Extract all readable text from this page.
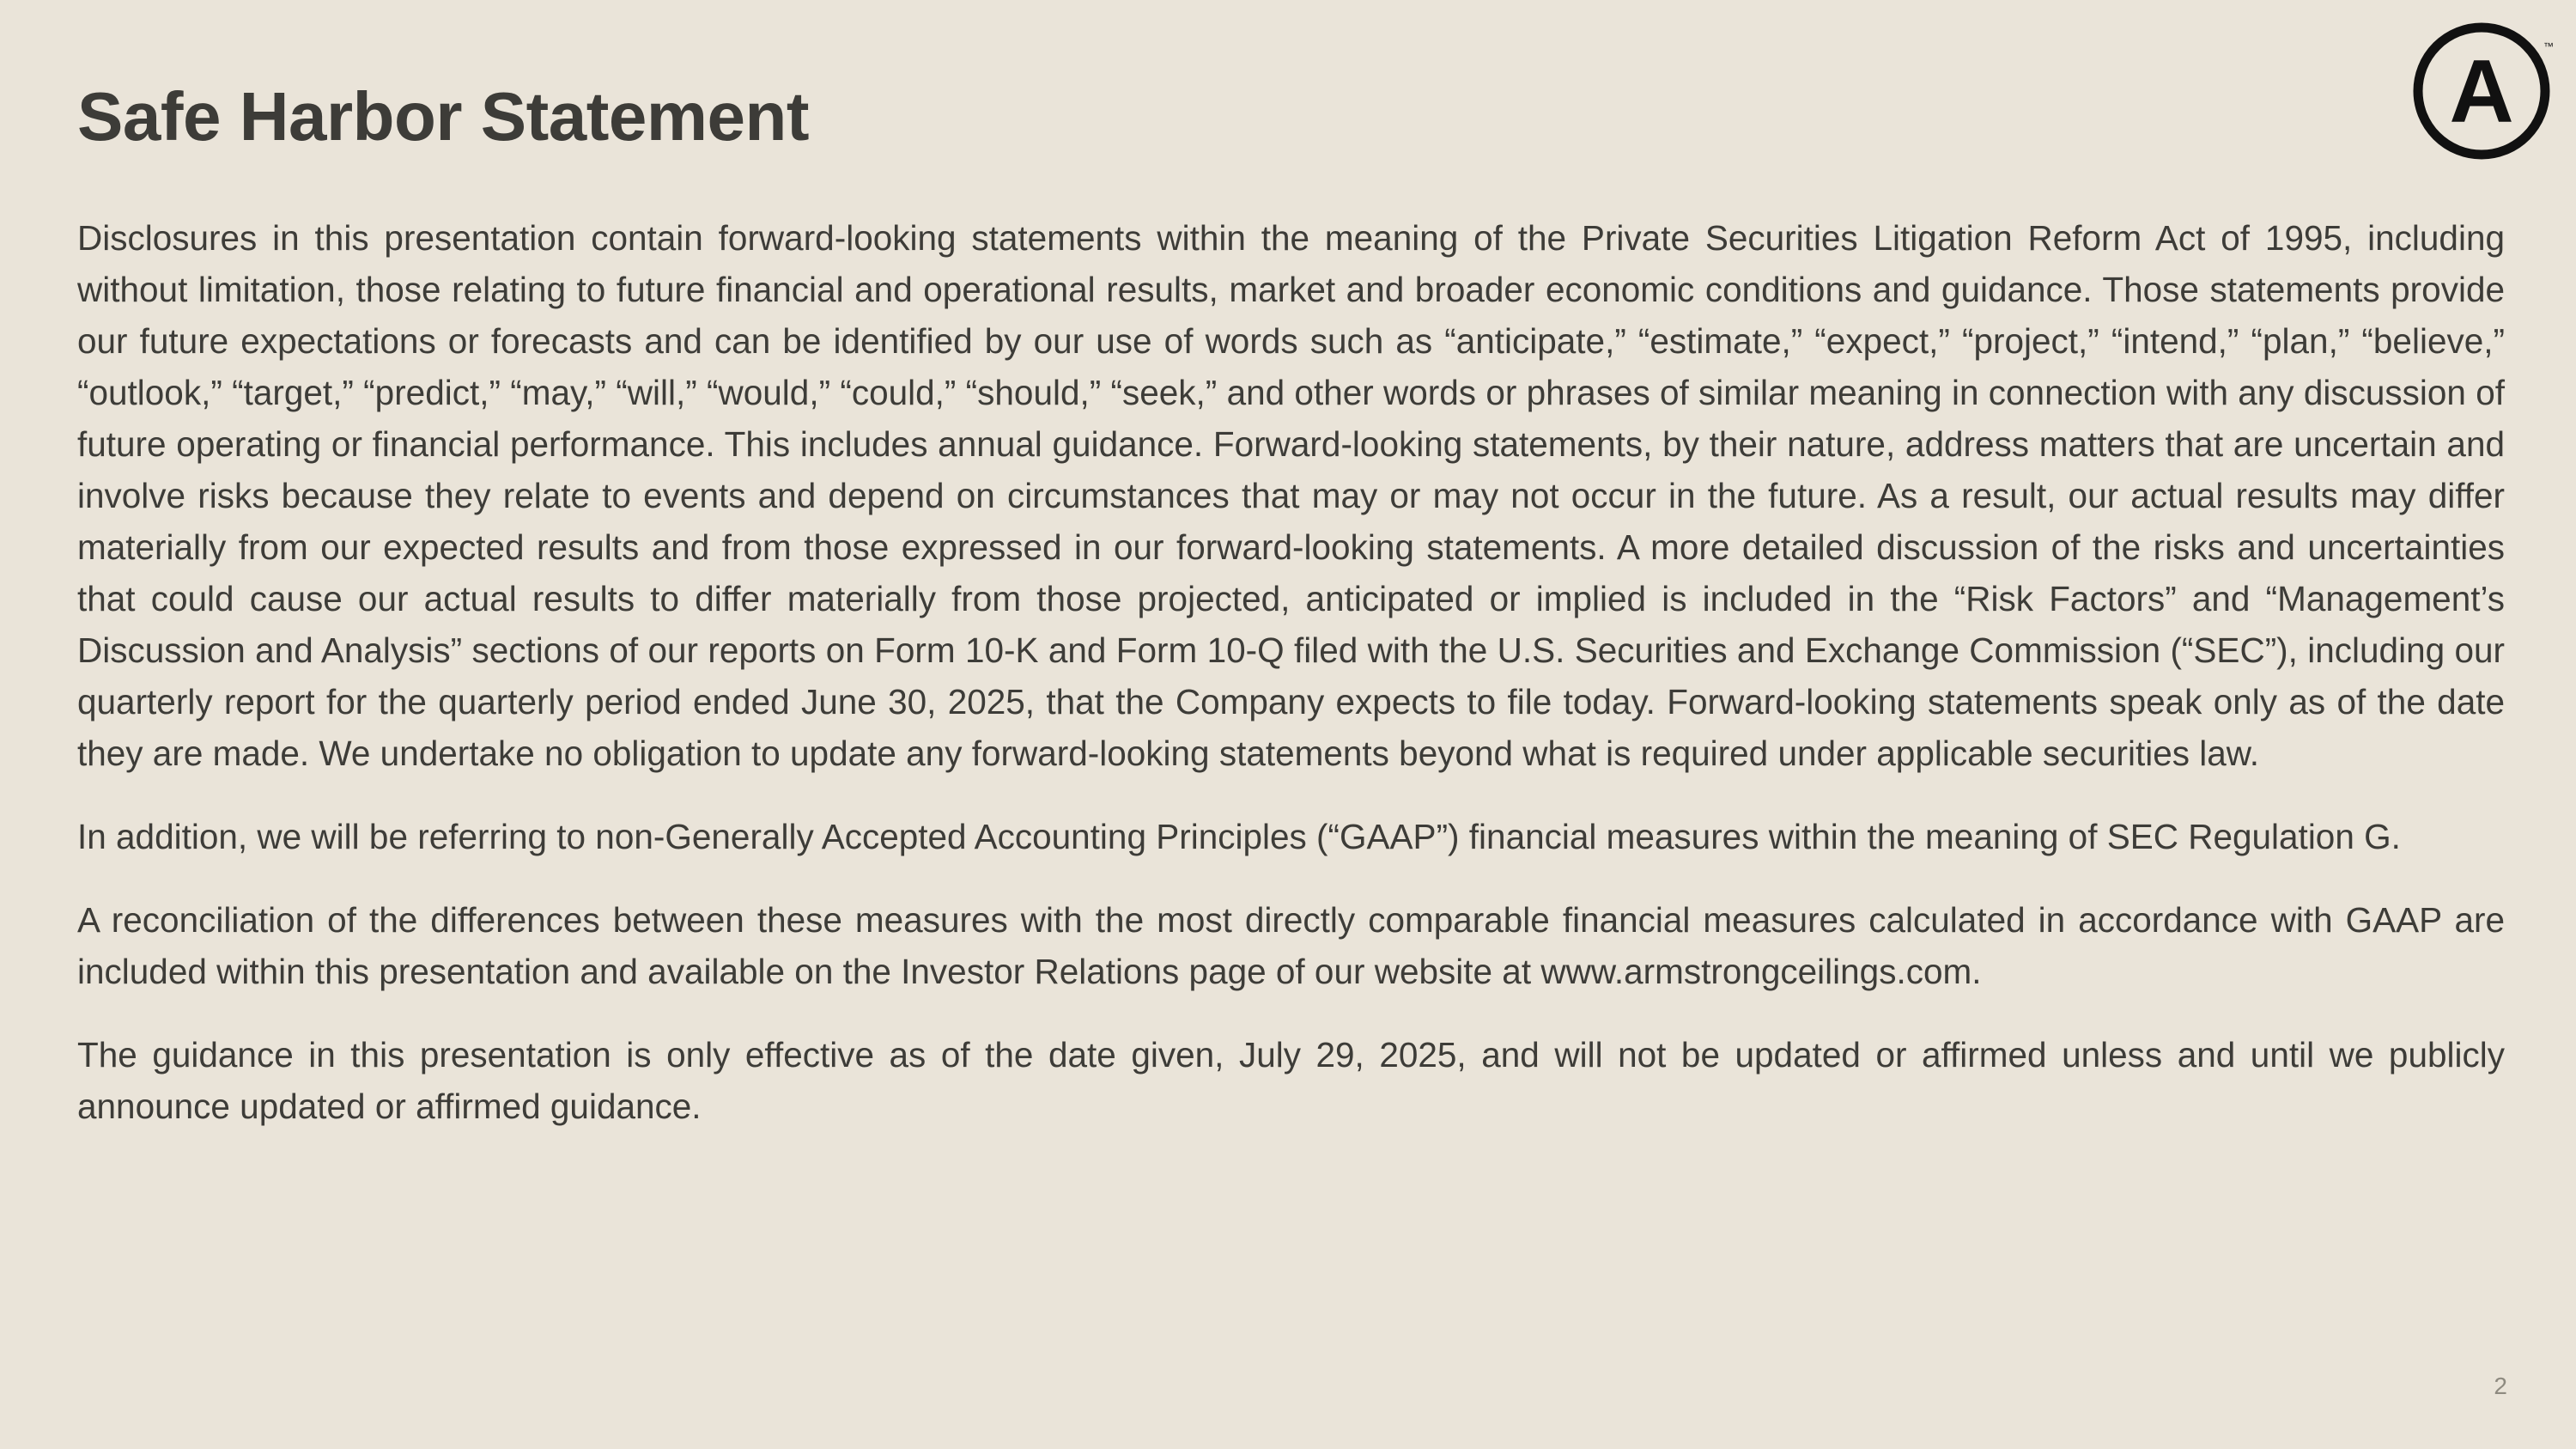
Safe Harbor Statement	A	™

Disclosures in this presentation contain forward-looking statements within the meaning of the Private Securities Litigation Reform Act of 1995, including without limitation, those relating to future financial and operational results, market and broader economic conditions and guidance. Those statements provide our future expectations or forecasts and can be identified by our use of words such as “anticipate,” “estimate,” “expect,” “project,” “intend,” “plan,” “believe,” “outlook,” “target,” “predict,” “may,” “will,” “would,” “could,” “should,” “seek,” and other words or phrases of similar meaning in connection with any discussion of future operating or financial performance. This includes annual guidance. Forward-looking statements, by their nature, address matters that are uncertain and involve risks because they relate to events and depend on circumstances that may or may not occur in the future. As a result, our actual results may differ materially from our expected results and from those expressed in our forward-looking statements. A more detailed discussion of the risks and uncertainties that could cause our actual results to differ materially from those projected, anticipated or implied is included in the “Risk Factors” and “Management’s Discussion and Analysis” sections of our reports on Form 10-K and Form 10-Q filed with the U.S. Securities and Exchange Commission (“SEC”), including our quarterly report for the quarterly period ended June 30, 2025, that the Company expects to file today. Forward-looking statements speak only as of the date they are made. We undertake no obligation to update any forward-looking statements beyond what is required under applicable securities law.

In addition, we will be referring to non-Generally Accepted Accounting Principles (“GAAP”) financial measures within the meaning of SEC Regulation G.

A reconciliation of the differences between these measures with the most directly comparable financial measures calculated in accordance with GAAP are included within this presentation and available on the Investor Relations page of our website at www.armstrongceilings.com.

The guidance in this presentation is only effective as of the date given, July 29, 2025, and will not be updated or affirmed unless and until we publicly announce updated or affirmed guidance.

2
